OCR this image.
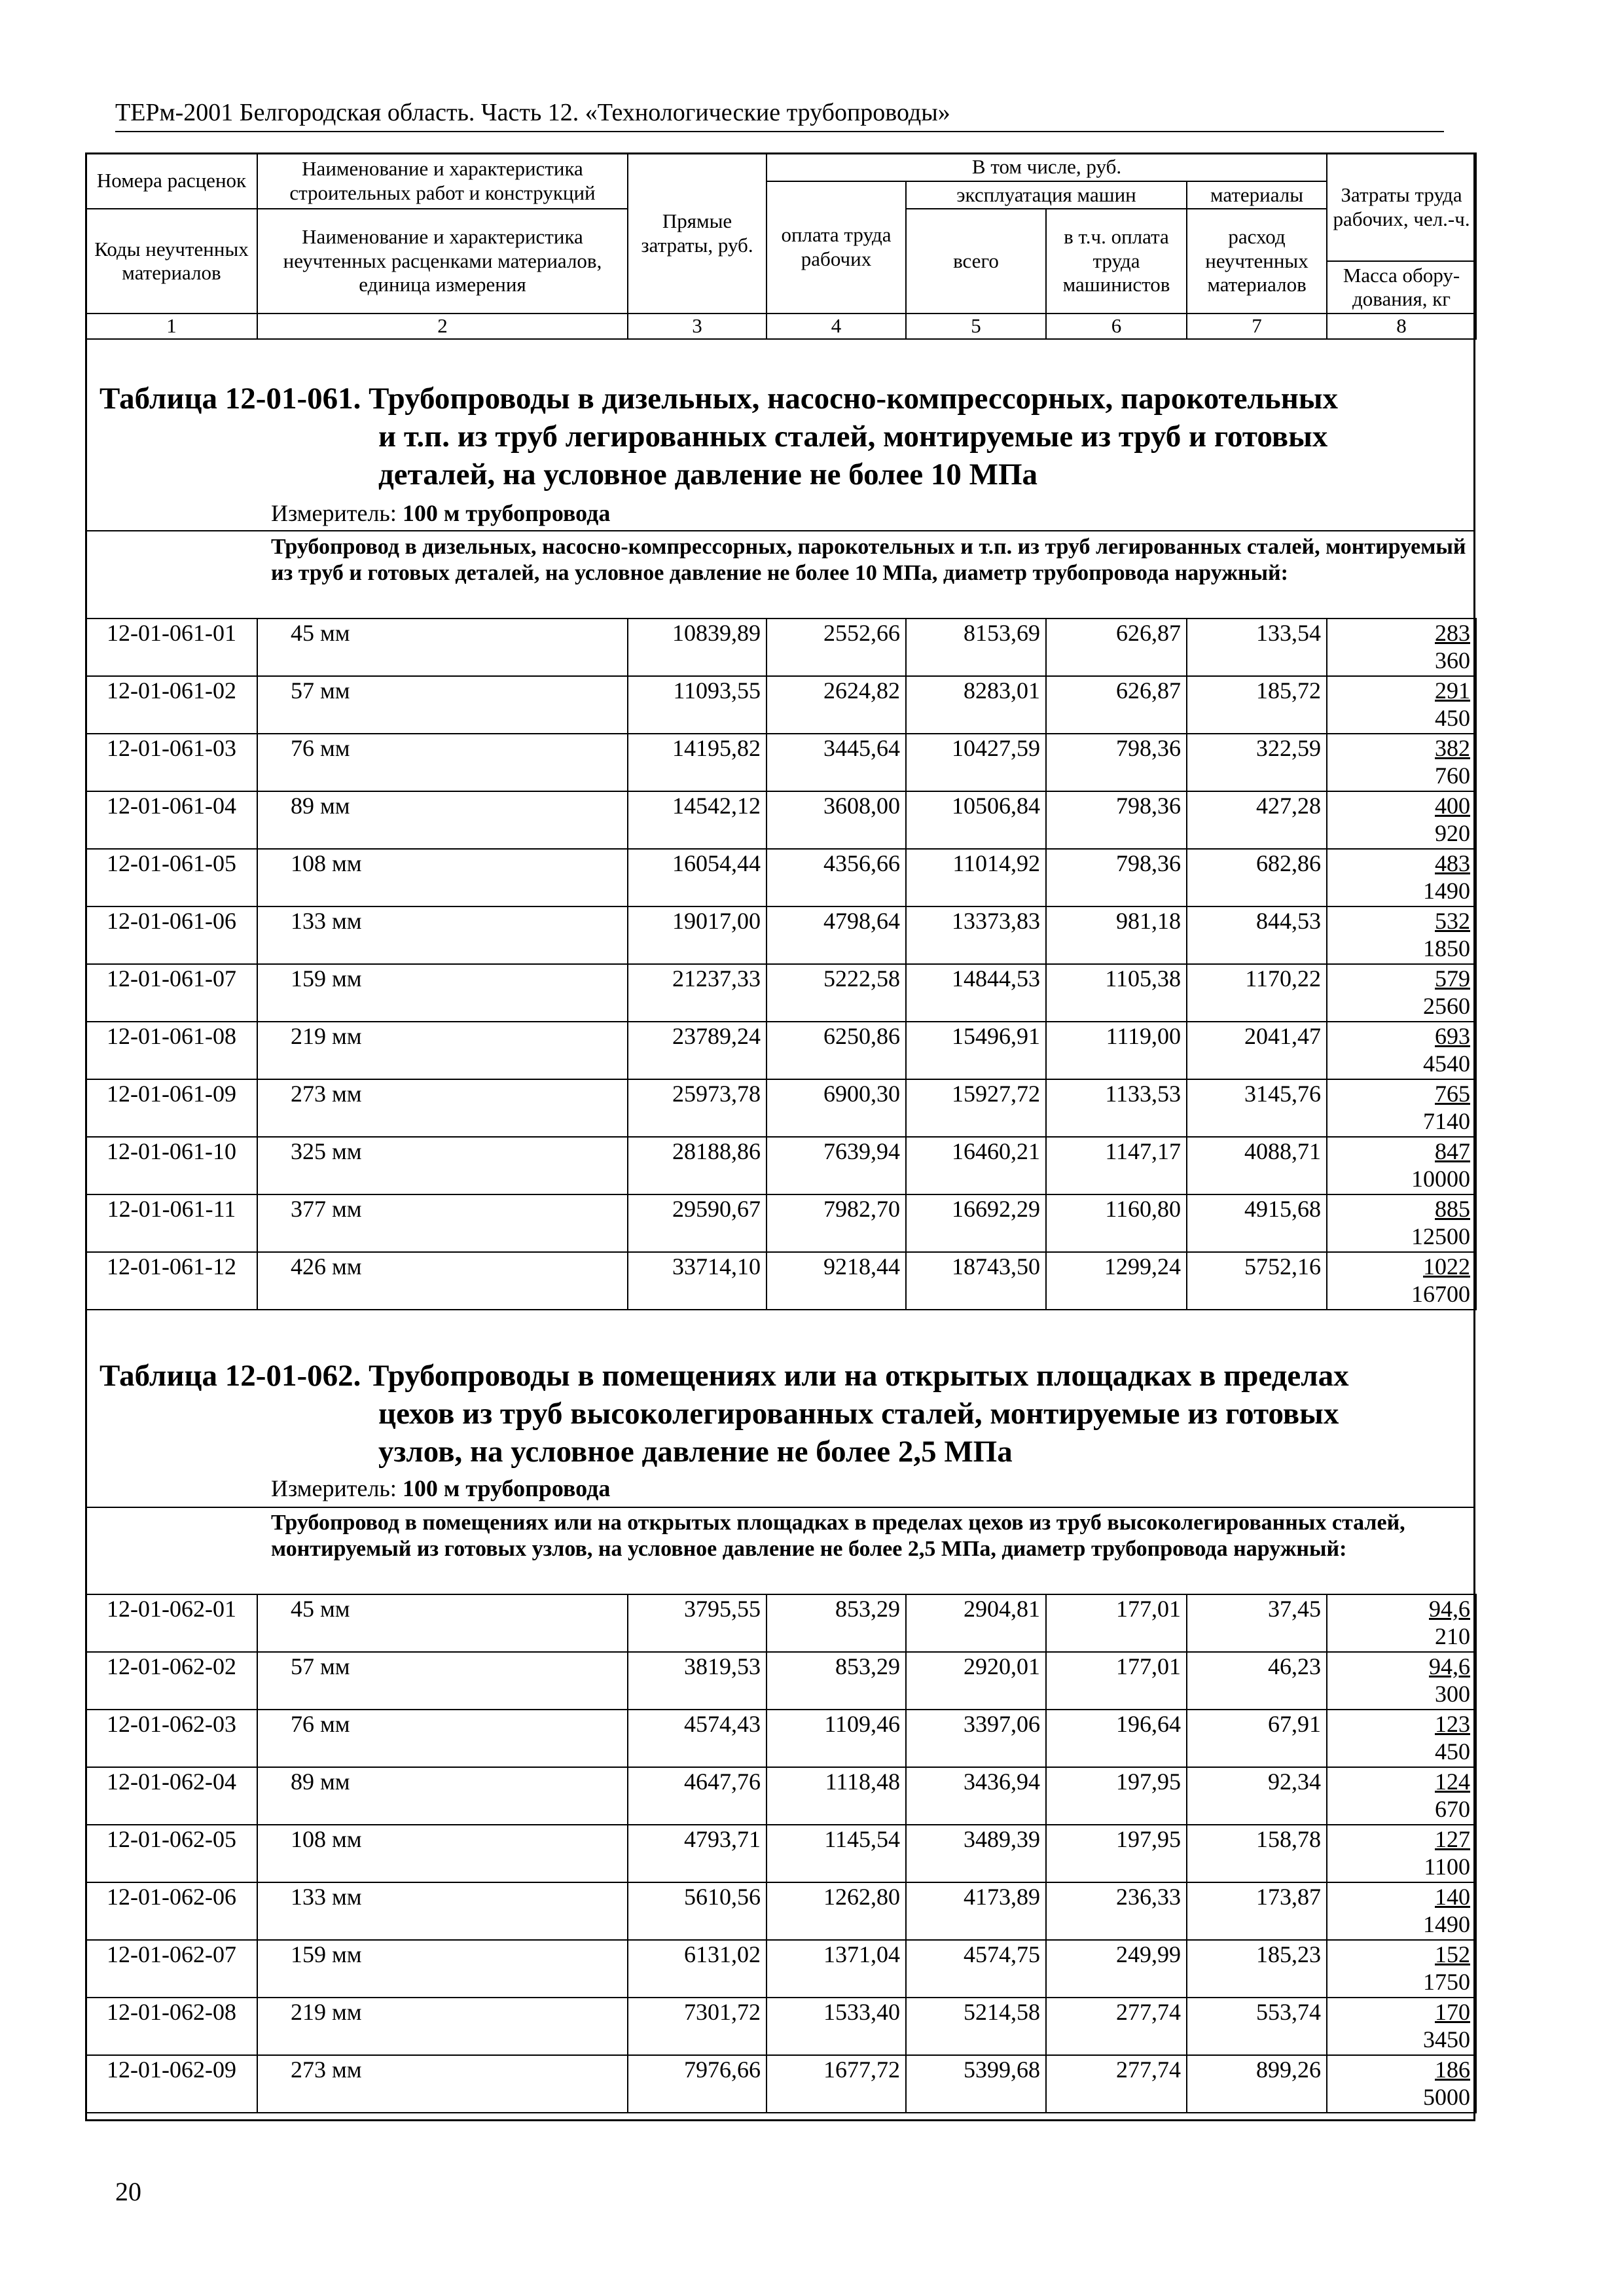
ТЕРм-2001 Белгородская область. Часть 12. «Технологические трубопроводы»
Номера расценок	Наименование и характеристика строительных работ и конструкций	Прямые затраты, руб.	В том числе, руб.				Затраты труда рабочих, чел.-ч.
			оплата труда рабочих	эксплуатация машин		материалы	
Коды неучтенных материалов	Наименование и характеристика неучтенных расценками материалов, единица измерения			всего	в т.ч. оплата труда машинистов	расход неучтенных материалов	
							Масса обору-дования, кг
1	2	3	4	5	6	7	8
Таблица 12-01-061. Трубопроводы в дизельных, насосно-компрессорных, парокотельных
и т.п. из труб легированных сталей, монтируемые из труб и готовых
деталей, на условное давление не более 10 МПа
Измеритель: 100 м трубопровода
Трубопровод в дизельных, насосно-компрессорных, парокотельных и т.п. из труб легированных сталей, монтируемый из труб и готовых деталей, на условное давление не более 10 МПа, диаметр трубопровода наружный:
12-01-061-01	45 мм	10839,89	2552,66	8153,69	626,87	133,54	283
360

12-01-061-02	57 мм	11093,55	2624,82	8283,01	626,87	185,72	291
450

12-01-061-03	76 мм	14195,82	3445,64	10427,59	798,36	322,59	382
760

12-01-061-04	89 мм	14542,12	3608,00	10506,84	798,36	427,28	400
920

12-01-061-05	108 мм	16054,44	4356,66	11014,92	798,36	682,86	483
1490

12-01-061-06	133 мм	19017,00	4798,64	13373,83	981,18	844,53	532
1850

12-01-061-07	159 мм	21237,33	5222,58	14844,53	1105,38	1170,22	579
2560

12-01-061-08	219 мм	23789,24	6250,86	15496,91	1119,00	2041,47	693
4540

12-01-061-09	273 мм	25973,78	6900,30	15927,72	1133,53	3145,76	765
7140

12-01-061-10	325 мм	28188,86	7639,94	16460,21	1147,17	4088,71	847
10000

12-01-061-11	377 мм	29590,67	7982,70	16692,29	1160,80	4915,68	885
12500

12-01-061-12	426 мм	33714,10	9218,44	18743,50	1299,24	5752,16	1022
16700
Таблица 12-01-062. Трубопроводы в помещениях или на открытых площадках в пределах
цехов из труб высоколегированных сталей, монтируемые из готовых
узлов, на условное давление не более 2,5 МПа
Измеритель: 100 м трубопровода
Трубопровод в помещениях или на открытых площадках в пределах цехов из труб высоколегированных сталей, монтируемый из готовых узлов, на условное давление не более 2,5 МПа, диаметр трубопровода наружный:
12-01-062-01	45 мм	3795,55	853,29	2904,81	177,01	37,45	94,6
210

12-01-062-02	57 мм	3819,53	853,29	2920,01	177,01	46,23	94,6
300

12-01-062-03	76 мм	4574,43	1109,46	3397,06	196,64	67,91	123
450

12-01-062-04	89 мм	4647,76	1118,48	3436,94	197,95	92,34	124
670

12-01-062-05	108 мм	4793,71	1145,54	3489,39	197,95	158,78	127
1100

12-01-062-06	133 мм	5610,56	1262,80	4173,89	236,33	173,87	140
1490

12-01-062-07	159 мм	6131,02	1371,04	4574,75	249,99	185,23	152
1750

12-01-062-08	219 мм	7301,72	1533,40	5214,58	277,74	553,74	170
3450

12-01-062-09	273 мм	7976,66	1677,72	5399,68	277,74	899,26	186
5000
20
